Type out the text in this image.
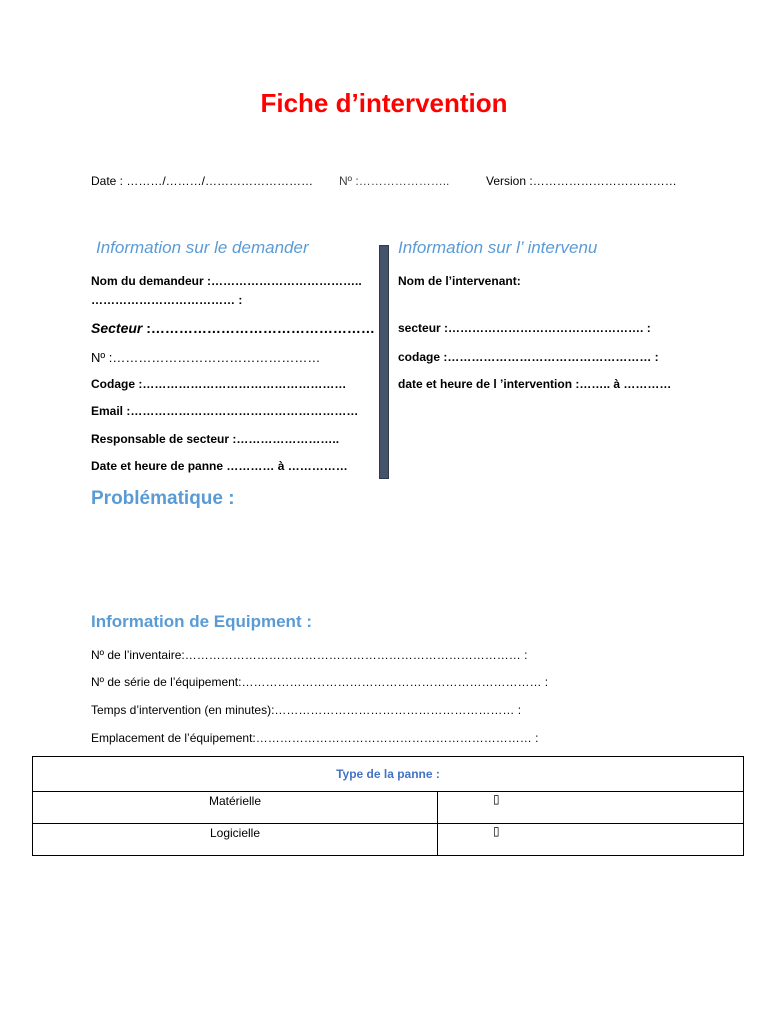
Fiche d’intervention
Date : ………/………/……………………… Nº :…………………..	Version :………………………………
Information sur le demander
Nom du demandeur :………………………………..
……………………………… :
Secteur :…………………………………………
Nº :…………………………………………
Codage :……………………………………………
Email :…………………………………………………
Responsable de secteur :……………………..
Date et heure de panne ………… à ……………
Information sur l’ intervenu
Nom de l’intervenant:
secteur :…………………………………………. :
codage :…………………………………………… :
date et heure de l ’intervention :…….. à …………
Problématique :
Information de Equipment :
Nº de l’inventaire:………………………………………………………………………… :
Nº de série de l’équipement:………………………………………………………………… :
Temps d’intervention (en minutes):…………………………………………………… :
Emplacement de l’équipement:…………………………………………………………… :
Type de la panne :	
Matérielle	▯
Logicielle	▯
